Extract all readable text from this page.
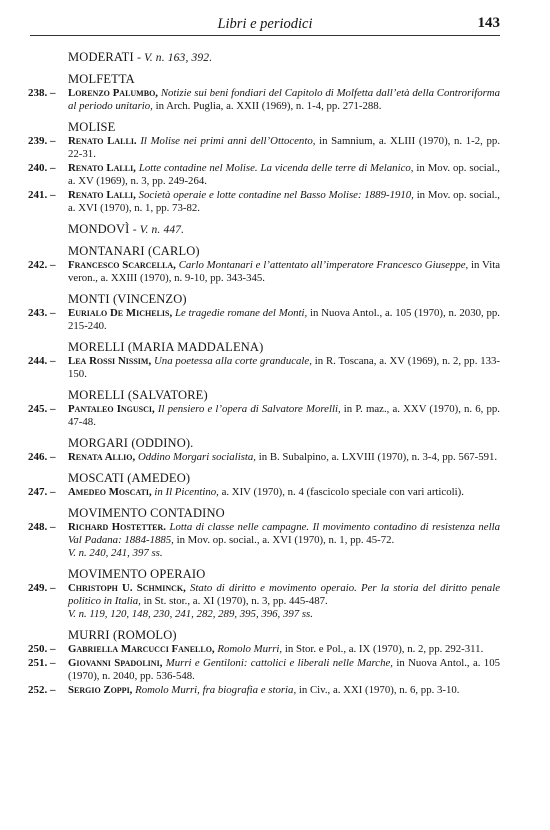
Libri e periodici	143
MODERATI - V. n. 163, 392.
MOLFETTA
238. –	Lorenzo Palumbo, Notizie sui beni fondiari del Capitolo di Molfetta dall’età della Controriforma al periodo unitario, in Arch. Puglia, a. XXII (1969), n. 1-4, pp. 271-288.
MOLISE
239. –	Renato Lalli. Il Molise nei primi anni dell’Ottocento, in Samnium, a. XLIII (1970), n. 1-2, pp. 22-31.
240. –	Renato Lalli, Lotte contadine nel Molise. La vicenda delle terre di Melanico, in Mov. op. social., a. XV (1969), n. 3, pp. 249-264.
241. –	Renato Lalli, Società operaie e lotte contadine nel Basso Molise: 1889-1910, in Mov. op. social., a. XVI (1970), n. 1, pp. 73-82.
MONDOVÌ - V. n. 447.
MONTANARI (CARLO)
242. –	Francesco Scarcella, Carlo Montanari e l’attentato all’imperatore Francesco Giuseppe, in Vita veron., a. XXIII (1970), n. 9-10, pp. 343-345.
MONTI (VINCENZO)
243. –	Eurialo De Michelis, Le tragedie romane del Monti, in Nuova Antol., a. 105 (1970), n. 2030, pp. 215-240.
MORELLI (MARIA MADDALENA)
244. –	Lea Rossi Nissim, Una poetessa alla corte granducale, in R. Toscana, a. XV (1969), n. 2, pp. 133-150.
MORELLI (SALVATORE)
245. –	Pantaleo Ingusci, Il pensiero e l’opera di Salvatore Morelli, in P. maz., a. XXV (1970), n. 6, pp. 47-48.
MORGARI (ODDINO).
246. –	Renata Allio, Oddino Morgari socialista, in B. Subalpino, a. LXVIII (1970), n. 3-4, pp. 567-591.
MOSCATI (AMEDEO)
247. –	Amedeo Moscati, in Il Picentino, a. XIV (1970), n. 4 (fascicolo speciale con vari articoli).
MOVIMENTO CONTADINO
248. –	Richard Hostetter. Lotta di classe nelle campagne. Il movimento contadino di resistenza nella Val Padana: 1884-1885, in Mov. op. social., a. XVI (1970), n. 1, pp. 45-72.
V. n. 240, 241, 397 ss.
MOVIMENTO OPERAIO
249. –	Christoph U. Schminck, Stato di diritto e movimento operaio. Per la storia del diritto penale politico in Italia, in St. stor., a. XI (1970), n. 3, pp. 445-487.
V. n. 119, 120, 148, 230, 241, 282, 289, 395, 396, 397 ss.
MURRI (ROMOLO)
250. –	Gabriella Marcucci Fanello, Romolo Murri, in Stor. e Pol., a. IX (1970), n. 2, pp. 292-311.
251. –	Giovanni Spadolini, Murri e Gentiloni: cattolici e liberali nelle Marche, in Nuova Antol., a. 105 (1970), n. 2040, pp. 536-548.
252. –	Sergio Zoppi, Romolo Murri, fra biografia e storia, in Civ., a. XXI (1970), n. 6, pp. 3-10.
